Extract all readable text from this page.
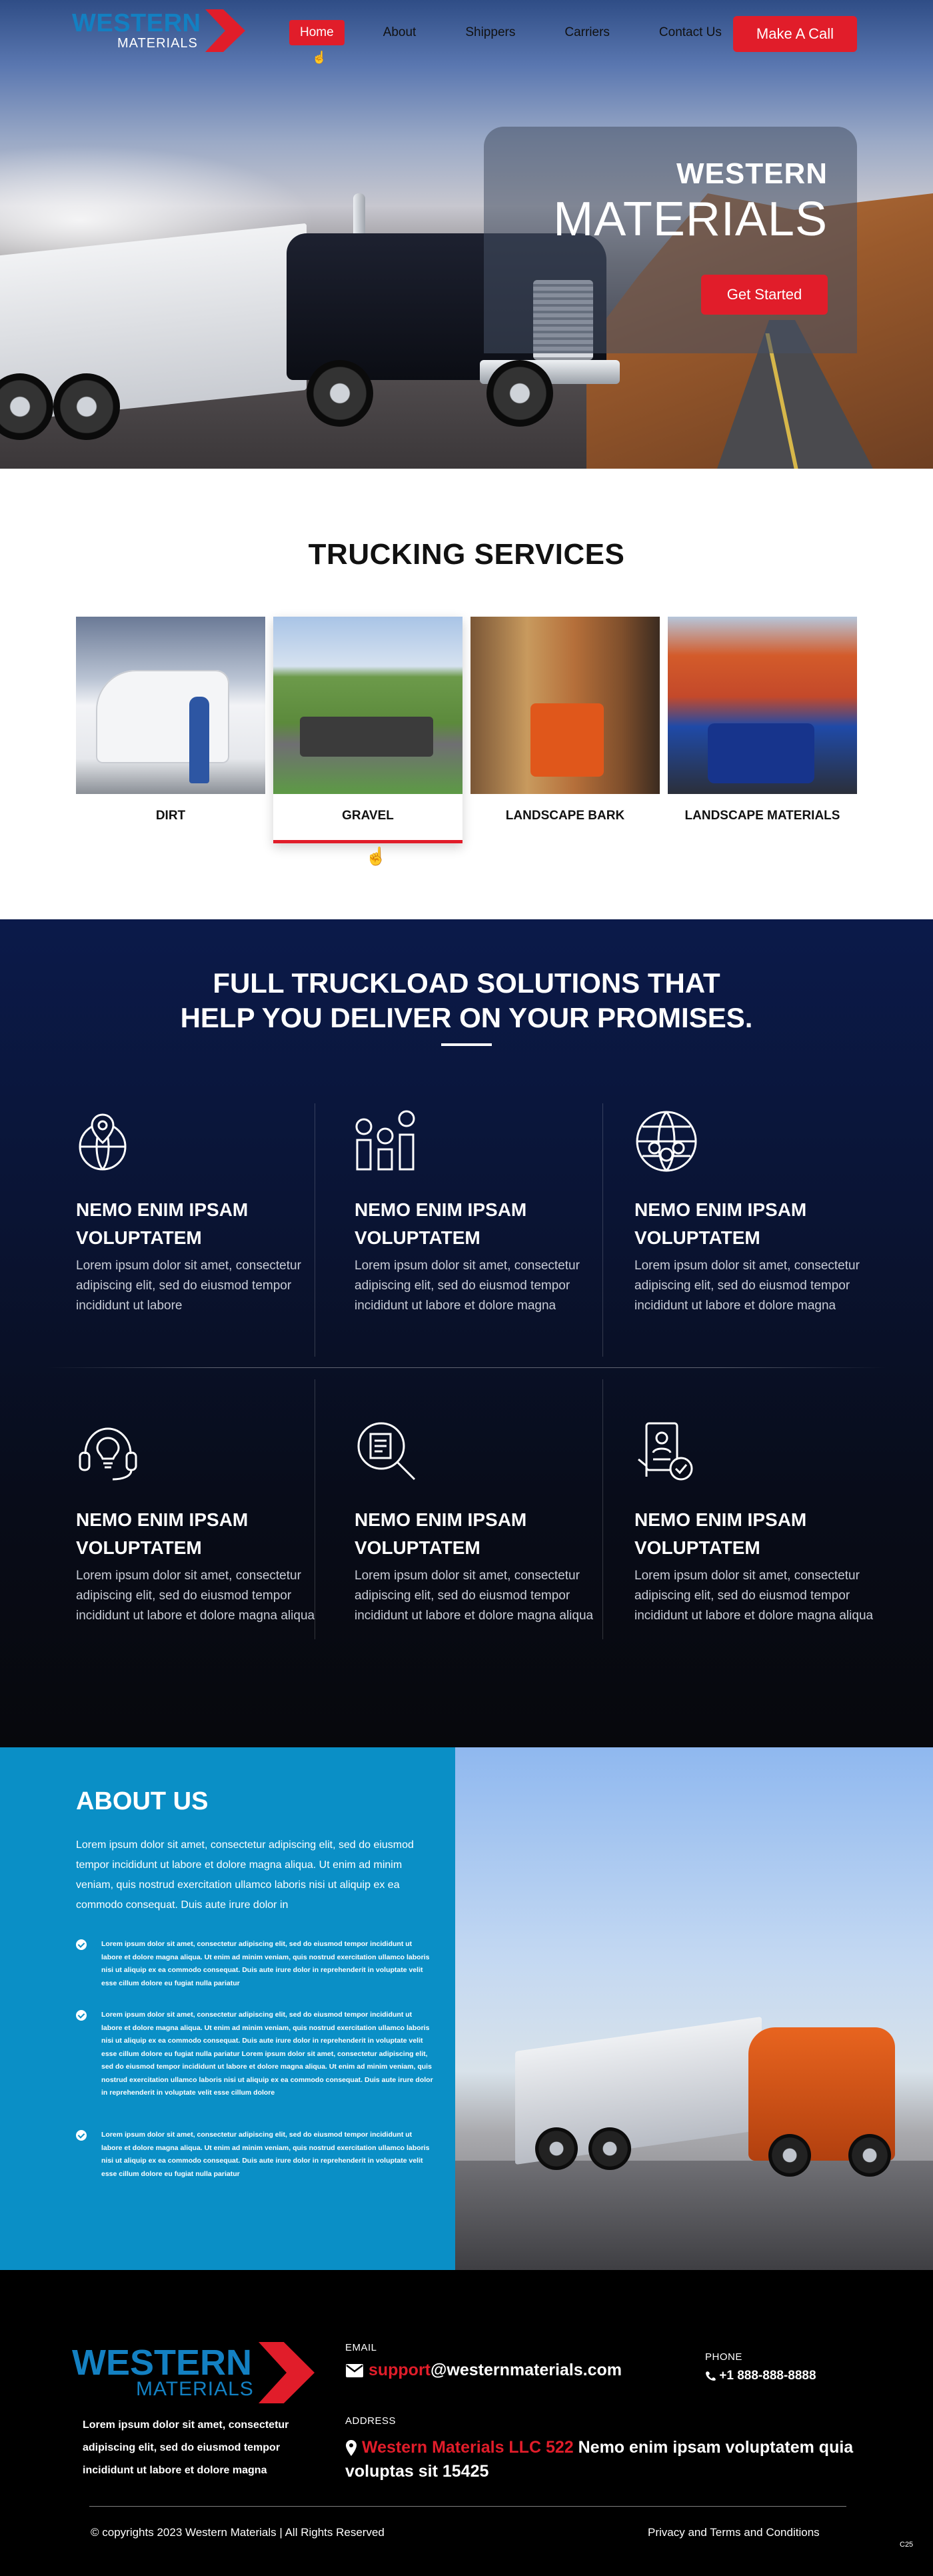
WESTERN
MATERIALS
Home	About	Shippers	Carriers	Contact Us	Make A Call
☝
WESTERN
MATERIALS
Get Started
TRUCKING SERVICES
DIRT	GRAVEL	LANDSCAPE BARK	LANDSCAPE MATERIALS
☝
FULL TRUCKLOAD SOLUTIONS THAT
HELP YOU DELIVER ON YOUR PROMISES.
NEMO ENIM IPSAM VOLUPTATEM

Lorem ipsum dolor sit amet, consectetur adipiscing elit, sed do eiusmod tempor incididunt ut labore

NEMO ENIM IPSAM VOLUPTATEM

Lorem ipsum dolor sit amet, consectetur adipiscing elit, sed do eiusmod tempor incididunt ut labore et dolore magna

NEMO ENIM IPSAM VOLUPTATEM

Lorem ipsum dolor sit amet, consectetur adipiscing elit, sed do eiusmod tempor incididunt ut labore et dolore magna

NEMO ENIM IPSAM VOLUPTATEM

Lorem ipsum dolor sit amet, consectetur adipiscing elit, sed do eiusmod tempor incididunt ut labore et dolore magna aliqua

NEMO ENIM IPSAM VOLUPTATEM

Lorem ipsum dolor sit amet, consectetur adipiscing elit, sed do eiusmod tempor incididunt ut labore et dolore magna aliqua

NEMO ENIM IPSAM VOLUPTATEM

Lorem ipsum dolor sit amet, consectetur adipiscing elit, sed do eiusmod tempor incididunt ut labore et dolore magna aliqua

ABOUT US

Lorem ipsum dolor sit amet, consectetur adipiscing elit, sed do eiusmod tempor incididunt ut labore et dolore magna aliqua. Ut enim ad minim veniam, quis nostrud exercitation ullamco laboris nisi ut aliquip ex ea commodo consequat. Duis aute irure dolor in

Lorem ipsum dolor sit amet, consectetur adipiscing elit, sed do eiusmod tempor incididunt ut labore et dolore magna aliqua. Ut enim ad minim veniam, quis nostrud exercitation ullamco laboris nisi ut aliquip ex ea commodo consequat. Duis aute irure dolor in reprehenderit in voluptate velit esse cillum dolore eu fugiat nulla pariatur

Lorem ipsum dolor sit amet, consectetur adipiscing elit, sed do eiusmod tempor incididunt ut labore et dolore magna aliqua. Ut enim ad minim veniam, quis nostrud exercitation ullamco laboris nisi ut aliquip ex ea commodo consequat. Duis aute irure dolor in reprehenderit in voluptate velit esse cillum dolore eu fugiat nulla pariatur Lorem ipsum dolor sit amet, consectetur adipiscing elit, sed do eiusmod tempor incididunt ut labore et dolore magna aliqua. Ut enim ad minim veniam, quis nostrud exercitation ullamco laboris nisi ut aliquip ex ea commodo consequat. Duis aute irure dolor in reprehenderit in voluptate velit esse cillum dolore

Lorem ipsum dolor sit amet, consectetur adipiscing elit, sed do eiusmod tempor incididunt ut labore et dolore magna aliqua. Ut enim ad minim veniam, quis nostrud exercitation ullamco laboris nisi ut aliquip ex ea commodo consequat. Duis aute irure dolor in reprehenderit in voluptate velit esse cillum dolore eu fugiat nulla pariatur

WESTERN
MATERIALS

Lorem ipsum dolor sit amet, consectetur adipiscing elit, sed do eiusmod tempor incididunt ut labore et dolore magna

EMAIL
support@westernmaterials.com
PHONE
+1 888-888-8888
ADDRESS
Western Materials LLC 522 Nemo enim ipsam voluptatem quia voluptas sit 15425
© copyrights 2023 Western Materials | All Rights Reserved	Privacy and Terms and Conditions
C25
